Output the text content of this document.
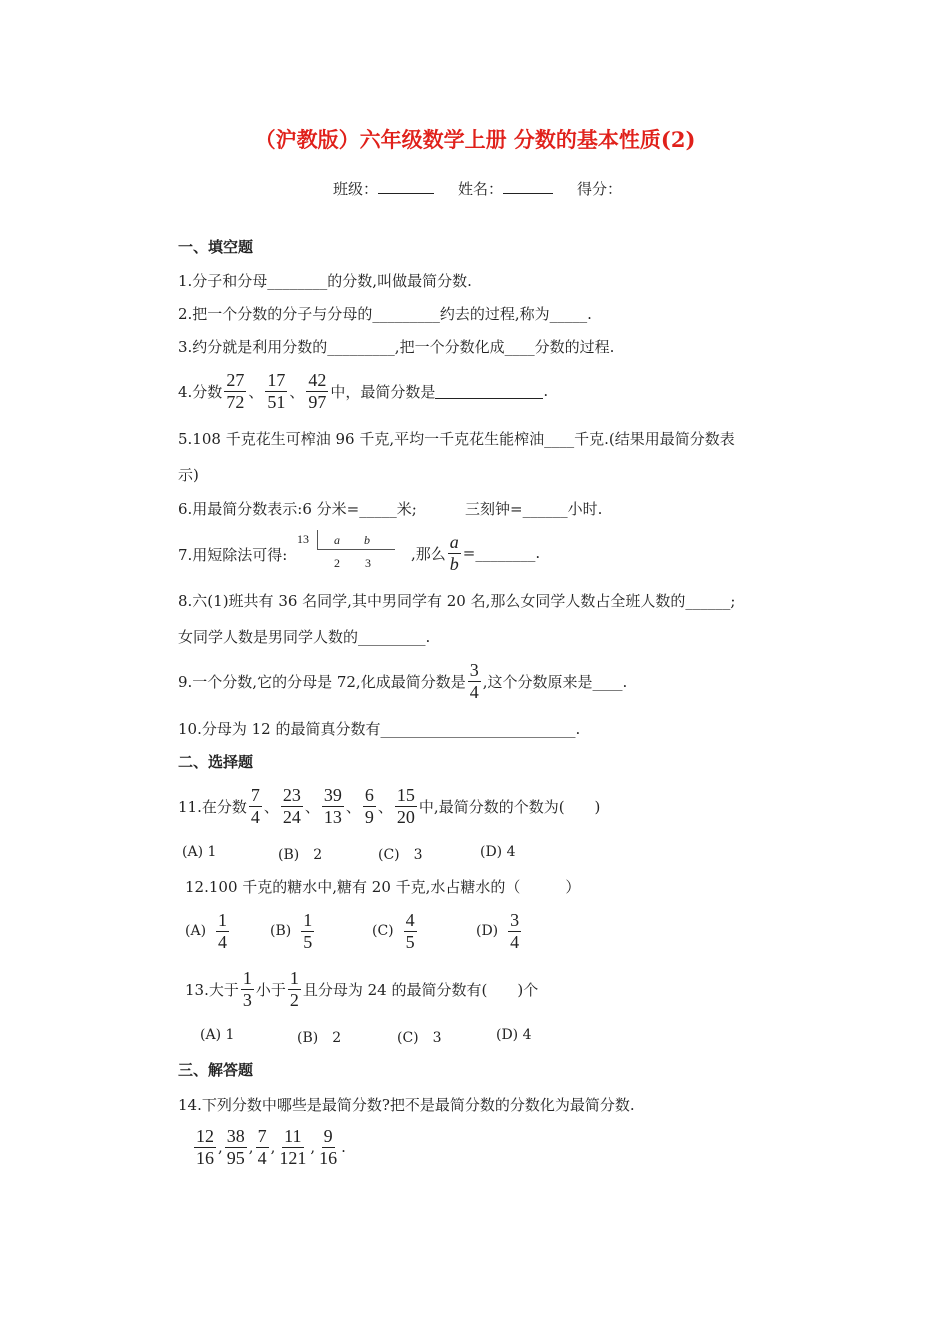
（沪教版）六年级数学上册 分数的基本性质(2)
班级：	姓名：	得分：
一、填空题
1.分子和分母________的分数,叫做最简分数.
2.把一个分数的分子与分母的_________约去的过程,称为_____.
3.约分就是利用分数的_________,把一个分数化成____分数的过程.
4.分数 $\frac{27}{72}$ 、 $\frac{17}{51}$ 、 $\frac{42}{97}$ 中，最简分数是	.
5.108 千克花生可榨油 96 千克,平均一千克花生能榨油____千克.(结果用最简分数表
示)
6.用最简分数表示:6 分米=_____米;	三刻钟=______小时.
7.用短除法可得:
13 a b
2 3
,那么 $\frac{a}{b}$ =________.
8.六(1)班共有 36 名同学,其中男同学有 20 名,那么女同学人数占全班人数的______;
女同学人数是男同学人数的_________.
9.一个分数,它的分母是 72,化成最简分数是 $\frac{3}{4}$ ,这个分数原来是____.
10.分母为 12 的最简真分数有__________________________.
二、选择题
11.在分数 $\frac{7}{4}$ 、 $\frac{23}{24}$ 、 $\frac{39}{13}$ 、 $\frac{6}{9}$ 、 $\frac{15}{20}$ 中,最简分数的个数为(　　)
(A) 1	(B)　2	(C)　3	(D) 4
12.100 千克的糖水中,糖有 20 千克,水占糖水的（　　　）
$(A) \frac{1}{4}$	$(B) \frac{1}{5}$	$(C) \frac{4}{5}$	$(D) \frac{3}{4}$
13.大于 $\frac{1}{3}$ 小于 $\frac{1}{2}$ 且分母为 24 的最简分数有(　　)个
(A) 1	(B)　2	(C)　3	(D) 4
三、解答题
14.下列分数中哪些是最简分数?把不是最简分数的分数化为最简分数.
$\frac{12}{16}$ , $\frac{38}{95}$ , $\frac{7}{4}$ , $\frac{11}{121}$ , $\frac{9}{16}$ .
